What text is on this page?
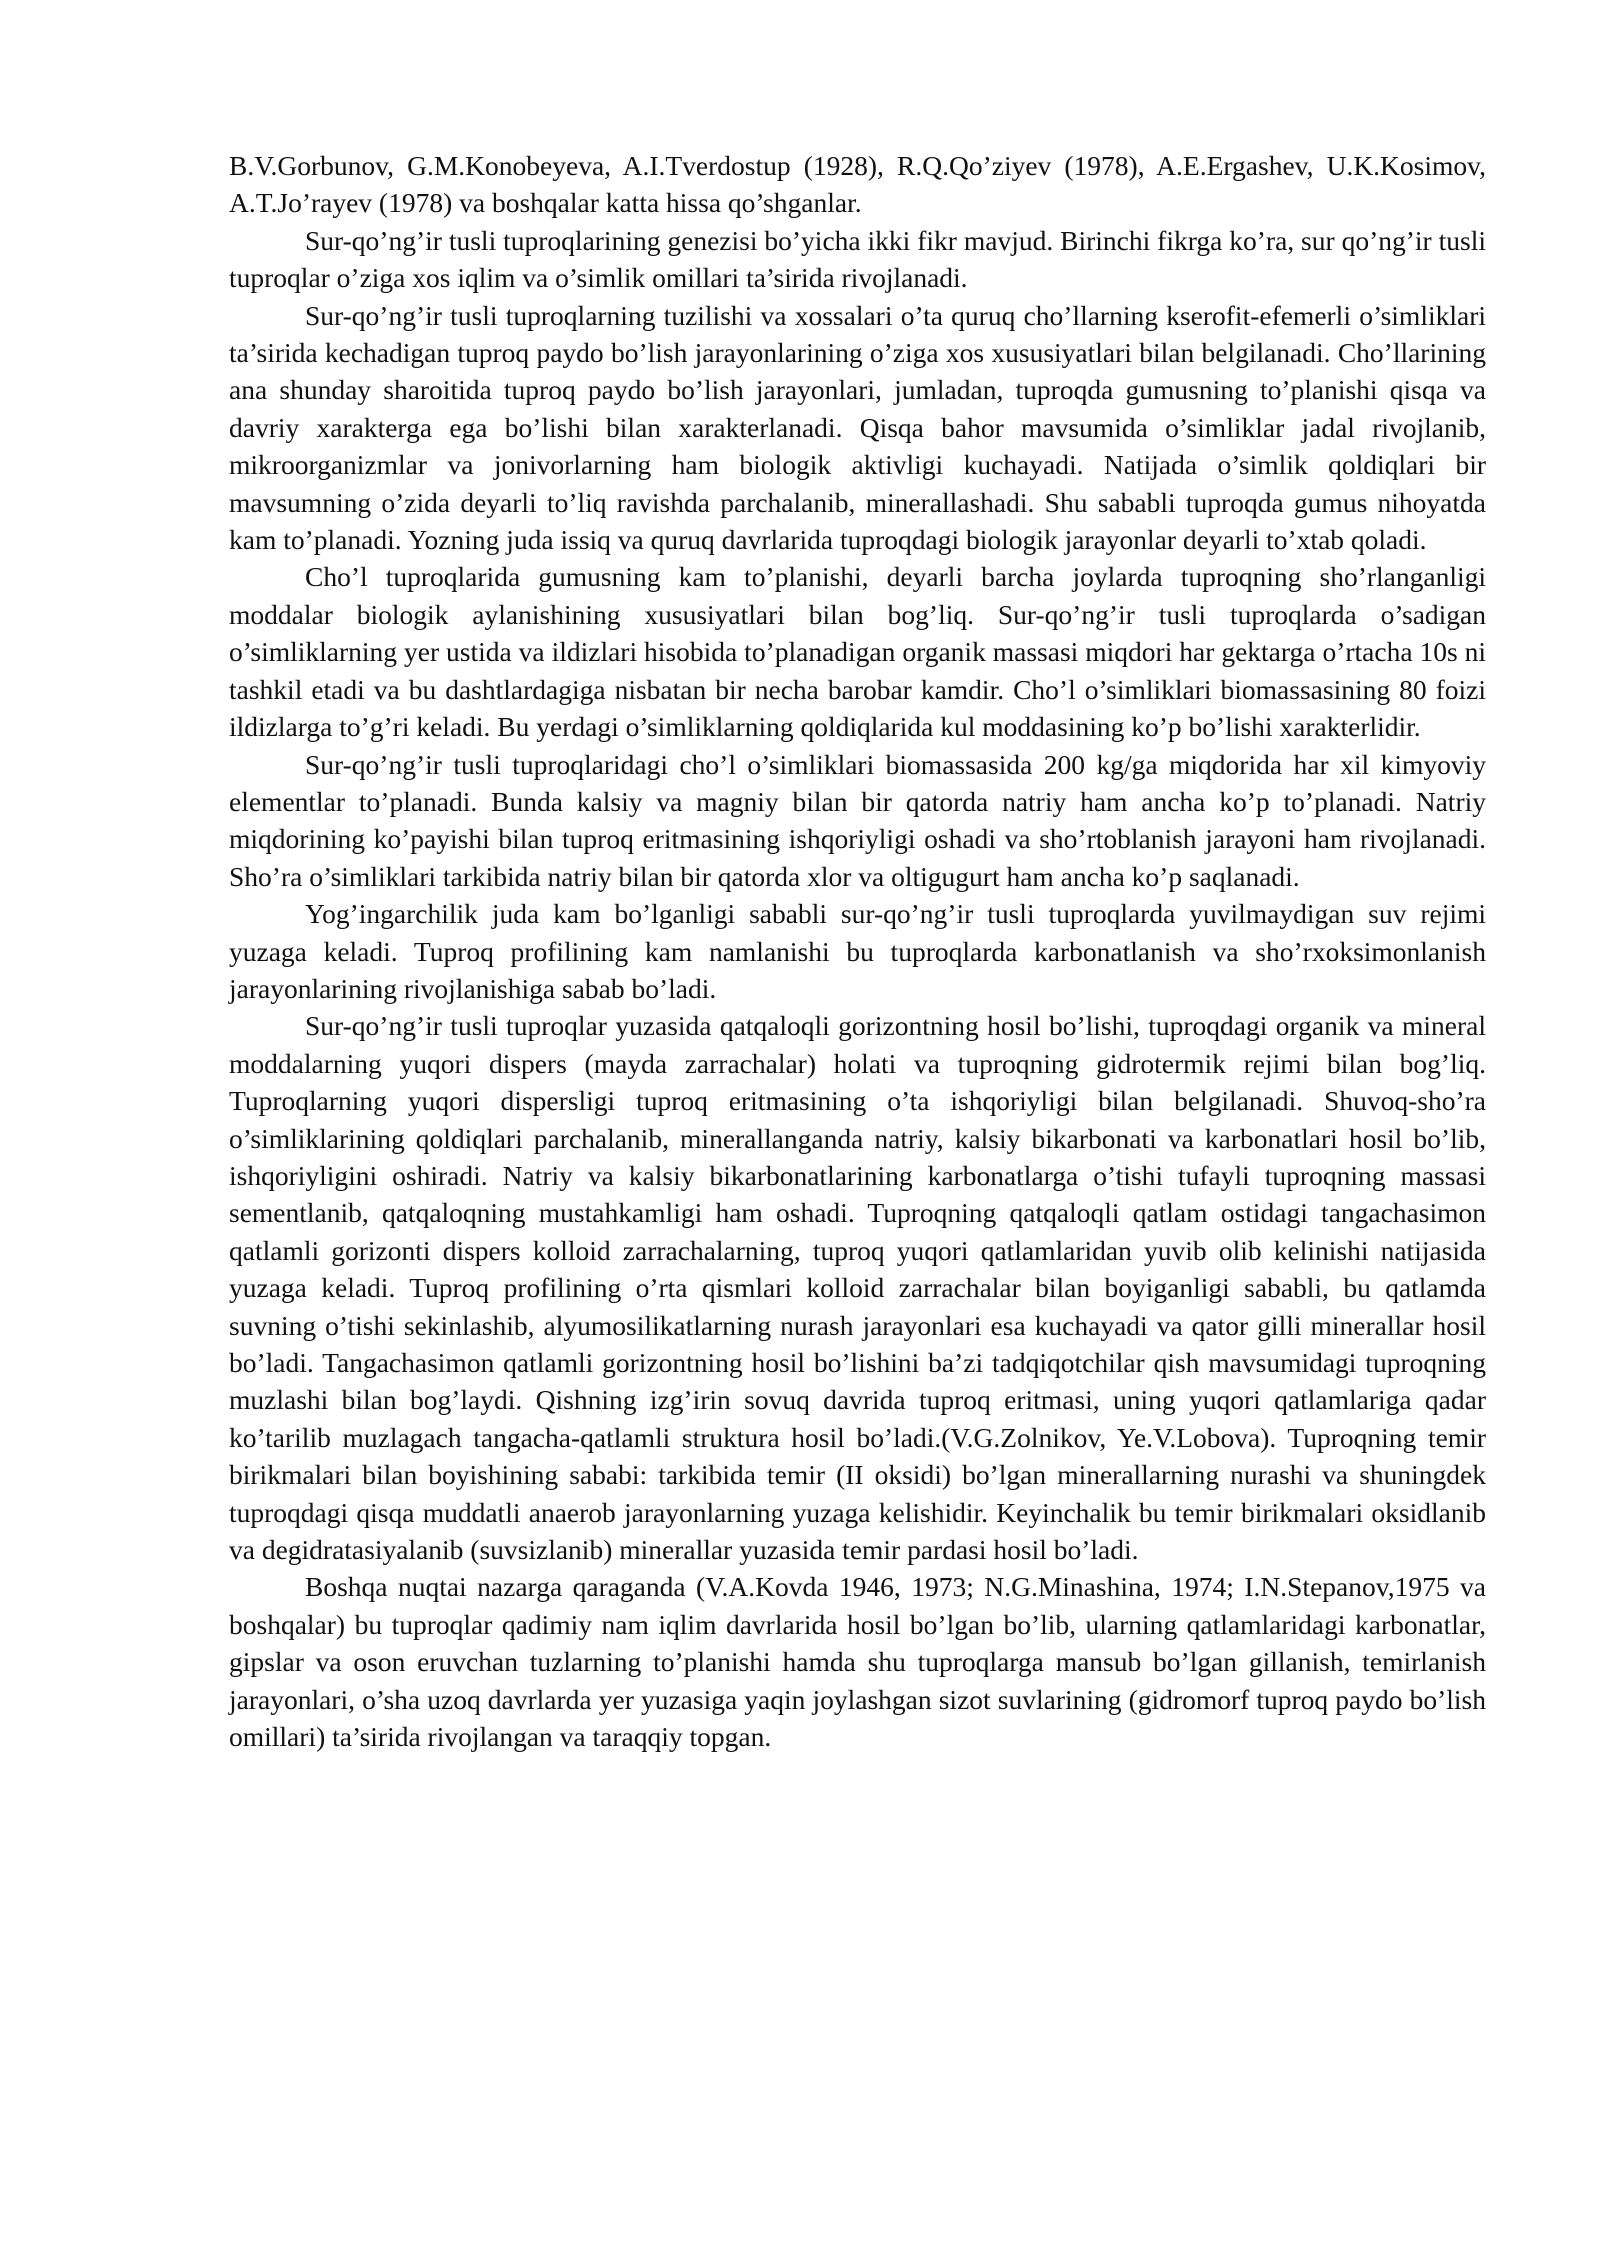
B.V.Gorbunov, G.M.Konobeyeva, A.I.Tverdostup (1928), R.Q.Qo’ziyev (1978), A.E.Ergashev, U.K.Kosimov, A.T.Jo’rayev (1978) va boshqalar katta hissa qo’shganlar.

Sur-qo’ng’ir tusli tuproqlarining genezisi bo’yicha ikki fikr mavjud. Birinchi fikrga ko’ra, sur qo’ng’ir tusli tuproqlar o’ziga xos iqlim va o’simlik omillari ta’sirida rivojlanadi.

Sur-qo’ng’ir tusli tuproqlarning tuzilishi va xossalari o’ta quruq cho’llarning kserofit-efemerli o’simliklari ta’sirida kechadigan tuproq paydo bo’lish jarayonlarining o’ziga xos xususiyatlari bilan belgilanadi. Cho’llarining ana shunday sharoitida tuproq paydo bo’lish jarayonlari, jumladan, tuproqda gumusning to’planishi qisqa va davriy xarakterga ega bo’lishi bilan xarakterlanadi. Qisqa bahor mavsumida o’simliklar jadal rivojlanib, mikroorganizmlar va jonivorlarning ham biologik aktivligi kuchayadi. Natijada o’simlik qoldiqlari bir mavsumning o’zida deyarli to’liq ravishda parchalanib, minerallashadi. Shu sababli tuproqda gumus nihoyatda kam to’planadi. Yozning juda issiq va quruq davrlarida tuproqdagi biologik jarayonlar deyarli to’xtab qoladi.

Cho’l tuproqlarida gumusning kam to’planishi, deyarli barcha joylarda tuproqning sho’rlanganligi moddalar biologik aylanishining xususiyatlari bilan bog’liq. Sur-qo’ng’ir tusli tuproqlarda o’sadigan o’simliklarning yer ustida va ildizlari hisobida to’planadigan organik massasi miqdori har gektarga o’rtacha 10s ni tashkil etadi va bu dashtlardagiga nisbatan bir necha barobar kamdir. Cho’l o’simliklari biomassasining 80 foizi ildizlarga to’g’ri keladi. Bu yerdagi o’simliklarning qoldiqlarida kul moddasining ko’p bo’lishi xarakterlidir.

Sur-qo’ng’ir tusli tuproqlaridagi cho’l o’simliklari biomassasida 200 kg/ga miqdorida har xil kimyoviy elementlar to’planadi. Bunda kalsiy va magniy bilan bir qatorda natriy ham ancha ko’p to’planadi. Natriy miqdorining ko’payishi bilan tuproq eritmasining ishqoriyligi oshadi va sho’rtoblanish jarayoni ham rivojlanadi. Sho’ra o’simliklari tarkibida natriy bilan bir qatorda xlor va oltigugurt ham ancha ko’p saqlanadi.

Yog’ingarchilik juda kam bo’lganligi sababli sur-qo’ng’ir tusli tuproqlarda yuvilmaydigan suv rejimi yuzaga keladi. Tuproq profilining kam namlanishi bu tuproqlarda karbonatlanish va sho’rxoksimonlanish jarayonlarining rivojlanishiga sabab bo’ladi.

Sur-qo’ng’ir tusli tuproqlar yuzasida qatqaloqli gorizontning hosil bo’lishi, tuproqdagi organik va mineral moddalarning yuqori dispers (mayda zarrachalar) holati va tuproqning gidrotermik rejimi bilan bog’liq. Tuproqlarning yuqori dispersligi tuproq eritmasining o’ta ishqoriyligi bilan belgilanadi. Shuvoq-sho’ra o’simliklarining qoldiqlari parchalanib, minerallanganda natriy, kalsiy bikarbonati va karbonatlari hosil bo’lib, ishqoriyligini oshiradi. Natriy va kalsiy bikarbonatlarining karbonatlarga o’tishi tufayli tuproqning massasi sementlanib, qatqaloqning mustahkamligi ham oshadi. Tuproqning qatqaloqli qatlam ostidagi tangachasimon qatlamli gorizonti dispers kolloid zarrachalarning, tuproq yuqori qatlamlaridan yuvib olib kelinishi natijasida yuzaga keladi. Tuproq profilining o’rta qismlari kolloid zarrachalar bilan boyiganligi sababli, bu qatlamda suvning o’tishi sekinlashib, alyumosilikatlarning nurash jarayonlari esa kuchayadi va qator gilli minerallar hosil bo’ladi. Tangachasimon qatlamli gorizontning hosil bo’lishini ba’zi tadqiqotchilar qish mavsumidagi tuproqning muzlashi bilan bog’laydi. Qishning izg’irin sovuq davrida tuproq eritmasi, uning yuqori qatlamlariga qadar ko’tarilib muzlagach tangacha-qatlamli struktura hosil bo’ladi.(V.G.Zolnikov, Ye.V.Lobova). Tuproqning temir birikmalari bilan boyishining sababi: tarkibida temir (II oksidi) bo’lgan minerallarning nurashi va shuningdek tuproqdagi qisqa muddatli anaerob jarayonlarning yuzaga kelishidir. Keyinchalik bu temir birikmalari oksidlanib va degidratasiyalanib (suvsizlanib) minerallar yuzasida temir pardasi hosil bo’ladi.

Boshqa nuqtai nazarga qaraganda (V.A.Kovda 1946, 1973; N.G.Minashina, 1974; I.N.Stepanov,1975 va boshqalar) bu tuproqlar qadimiy nam iqlim davrlarida hosil bo’lgan bo’lib, ularning qatlamlaridagi karbonatlar, gipslar va oson eruvchan tuzlarning to’planishi hamda shu tuproqlarga mansub bo’lgan gillanish, temirlanish jarayonlari, o’sha uzoq davrlarda yer yuzasiga yaqin joylashgan sizot suvlarining (gidromorf tuproq paydo bo’lish omillari) ta’sirida rivojlangan va taraqqiy topgan.
